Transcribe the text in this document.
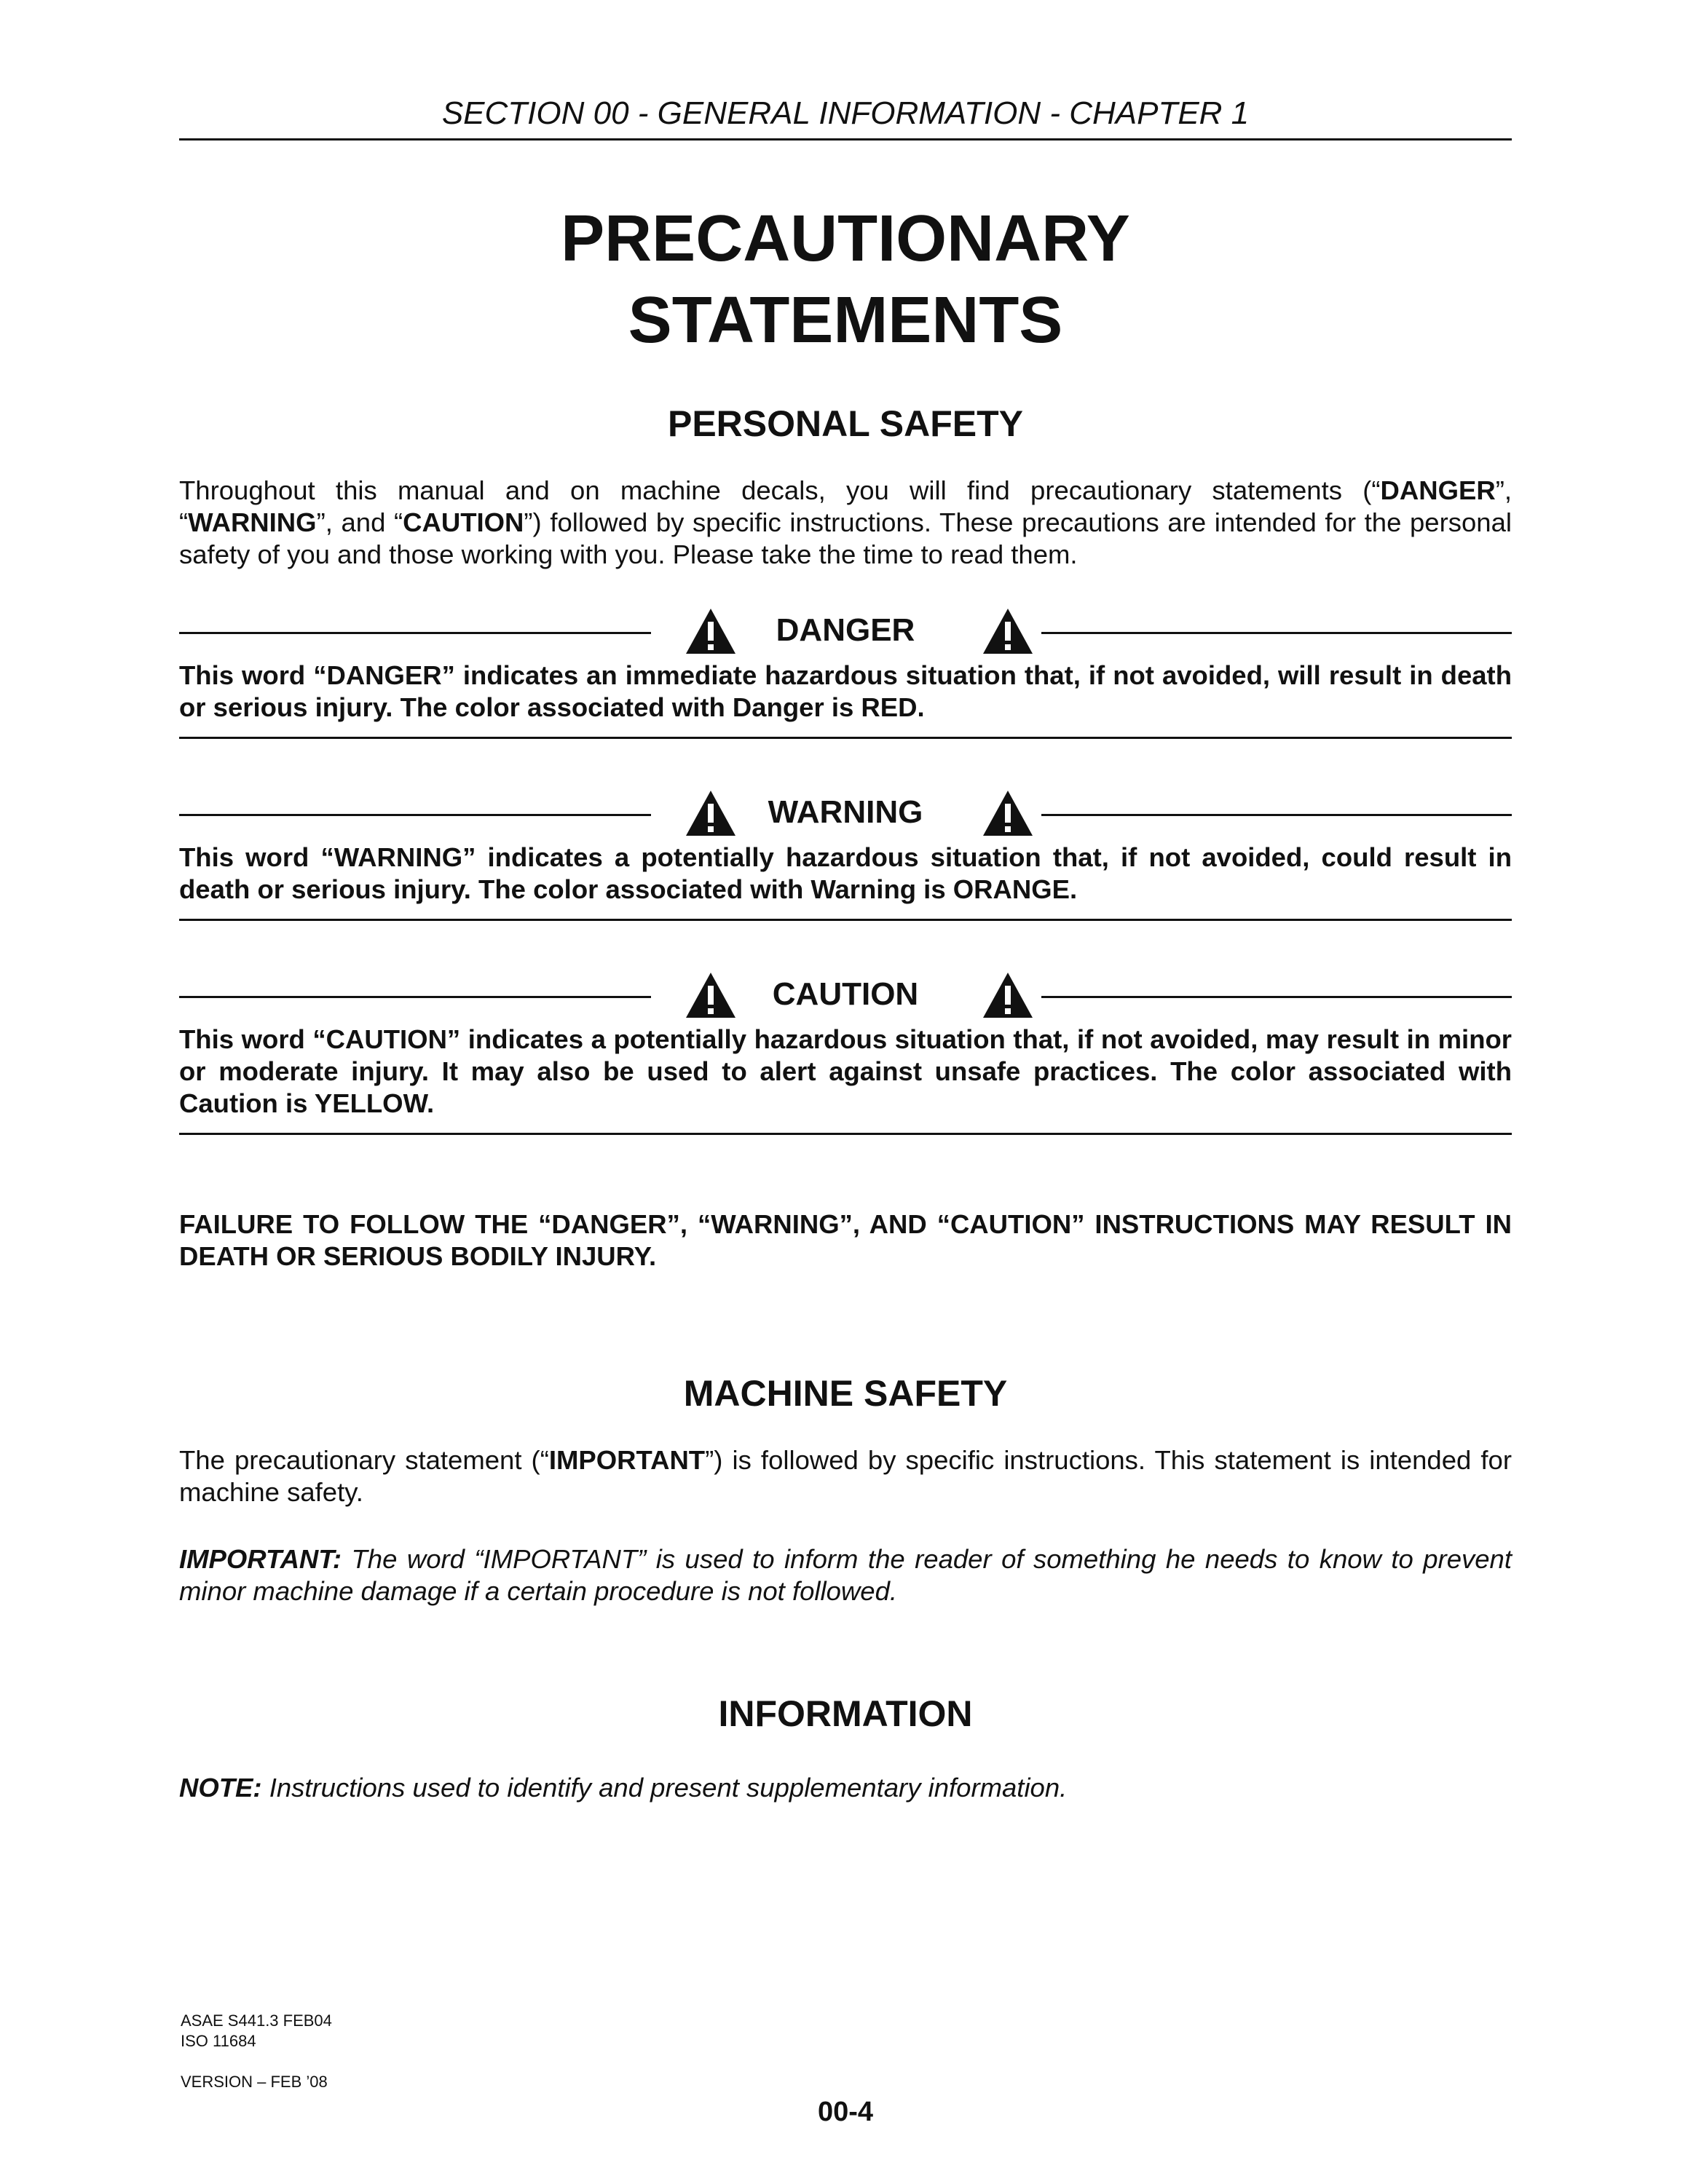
SECTION 00 - GENERAL INFORMATION - CHAPTER 1
PRECAUTIONARY
STATEMENTS
PERSONAL SAFETY
Throughout this manual and on machine decals, you will find precautionary statements (“DANGER”, “WARNING”, and “CAUTION”) followed by specific instructions. These precautions are intended for the personal safety of you and those working with you. Please take the time to read them.
DANGER
This word “DANGER” indicates an immediate hazardous situation that, if not avoided, will result in death or serious injury. The color associated with Danger is RED.
WARNING
This word “WARNING” indicates a potentially hazardous situation that, if not avoided, could result in death or serious injury. The color associated with Warning is ORANGE.
CAUTION
This word “CAUTION” indicates a potentially hazardous situation that, if not avoided, may result in minor or moderate injury. It may also be used to alert against unsafe practices. The color associated with Caution is YELLOW.
FAILURE TO FOLLOW THE “DANGER”, “WARNING”, AND “CAUTION” INSTRUCTIONS MAY RESULT IN DEATH OR SERIOUS BODILY INJURY.
MACHINE SAFETY
The precautionary statement (“IMPORTANT”) is followed by specific instructions. This statement is intended for machine safety.
IMPORTANT: The word “IMPORTANT” is used to inform the reader of something he needs to know to prevent minor machine damage if a certain procedure is not followed.
INFORMATION
NOTE: Instructions used to identify and present supplementary information.
ASAE S441.3 FEB04
ISO 11684
VERSION – FEB ’08
00-4
